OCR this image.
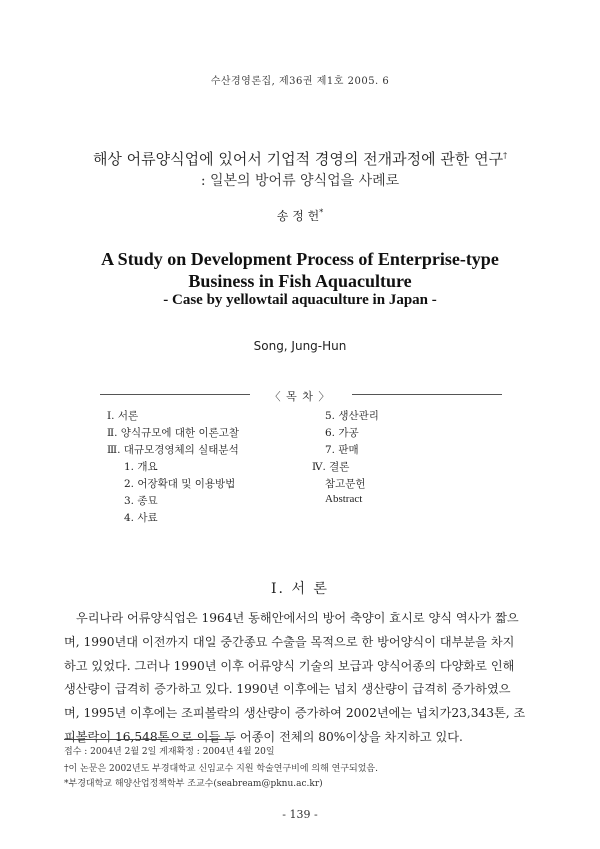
수산경영론집, 제36권 제1호 2005. 6
해상 어류양식업에 있어서 기업적 경영의 전개과정에 관한 연구†
: 일본의 방어류 양식업을 사례로
송 정 헌*
A Study on Development Process of Enterprise-type
Business in Fish Aquaculture
- Case by yellowtail aquaculture in Japan -
Song, Jung-Hun
〈 목 차 〉
Ⅰ. 서론
Ⅱ. 양식규모에 대한 이론고찰
Ⅲ. 대규모경영체의 실태분석
1. 개요
2. 어장확대 및 이용방법
3. 종묘
4. 사료
5. 생산관리
6. 가공
7. 판매
Ⅳ. 결론
참고문헌
Abstract
Ⅰ. 서 론
우리나라 어류양식업은 1964년 동해안에서의 방어 축양이 효시로 양식 역사가 짧으
며, 1990년대 이전까지 대일 중간종묘 수출을 목적으로 한 방어양식이 대부분을 차지
하고 있었다. 그러나 1990년 이후 어류양식 기술의 보급과 양식어종의 다양화로 인해
생산량이 급격히 증가하고 있다. 1990년 이후에는 넙치 생산량이 급격히 증가하였으
며, 1995년 이후에는 조피볼락의 생산량이 증가하여 2002년에는 넙치가23,343톤, 조
피볼락이 16,548톤으로 이들 두 어종이 전체의 80%이상을 차지하고 있다.
접수 : 2004년 2월 2일 게재확정 : 2004년 4월 20일
†이 논문은 2002년도 부경대학교 신임교수 지원 학술연구비에 의해 연구되었음.
*부경대학교 해양산업정책학부 조교수(seabream@pknu.ac.kr)
- 139 -
